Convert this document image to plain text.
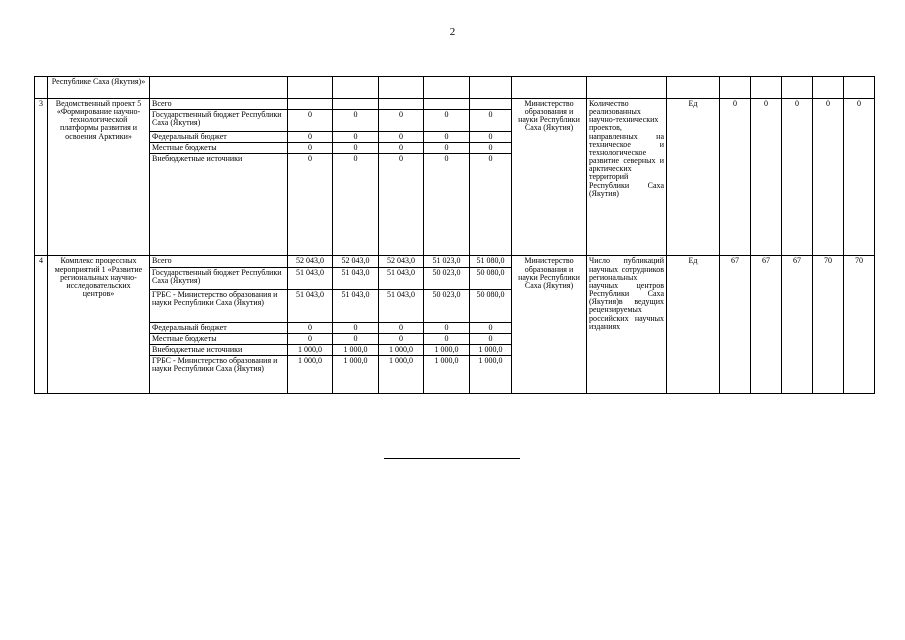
2
	Республике Саха (Якутия)»														
3	Ведомственный проект 5 «Формирование научно-технологической платформы развития и освоения Арктики»	Всего						Министерство образования и науки Республики Саха (Якутия)	Количество реализованных научно-технических проектов, направленных на техническое и технологическое развитие северных и арктических территорий Республики Саха (Якутия)	Ед	0	0	0	0	0
		Государственный бюджет Республики Саха (Якутия)	0	0	0	0	0								
		Федеральный бюджет	0	0	0	0	0								
		Местные бюджеты	0	0	0	0	0								
		Внебюджетные источники	0	0	0	0	0								
4	Комплекс процессных мероприятий 1 «Развитие региональных научно-исследовательских центров»	Всего	52 043,0	52 043,0	52 043,0	51 023,0	51 080,0	Министерство образования и науки Республики Саха (Якутия)	Число публикаций научных сотрудников региональных научных центров Республики Саха (Якутия)в ведущих рецензируемых российских научных изданиях	Ед	67	67	67	70	70
		Государственный бюджет Республики Саха (Якутия)	51 043,0	51 043,0	51 043,0	50 023,0	50 080,0								
		ГРБС - Министерство образования и науки Республики Саха (Якутия)	51 043,0	51 043,0	51 043,0	50 023,0	50 080,0								
		Федеральный бюджет	0	0	0	0	0								
		Местные бюджеты	0	0	0	0	0								
		Внебюджетные источники	1 000,0	1 000,0	1 000,0	1 000,0	1 000,0								
		ГРБС - Министерство образования и науки Республики Саха (Якутия)	1 000,0	1 000,0	1 000,0	1 000,0	1 000,0								
